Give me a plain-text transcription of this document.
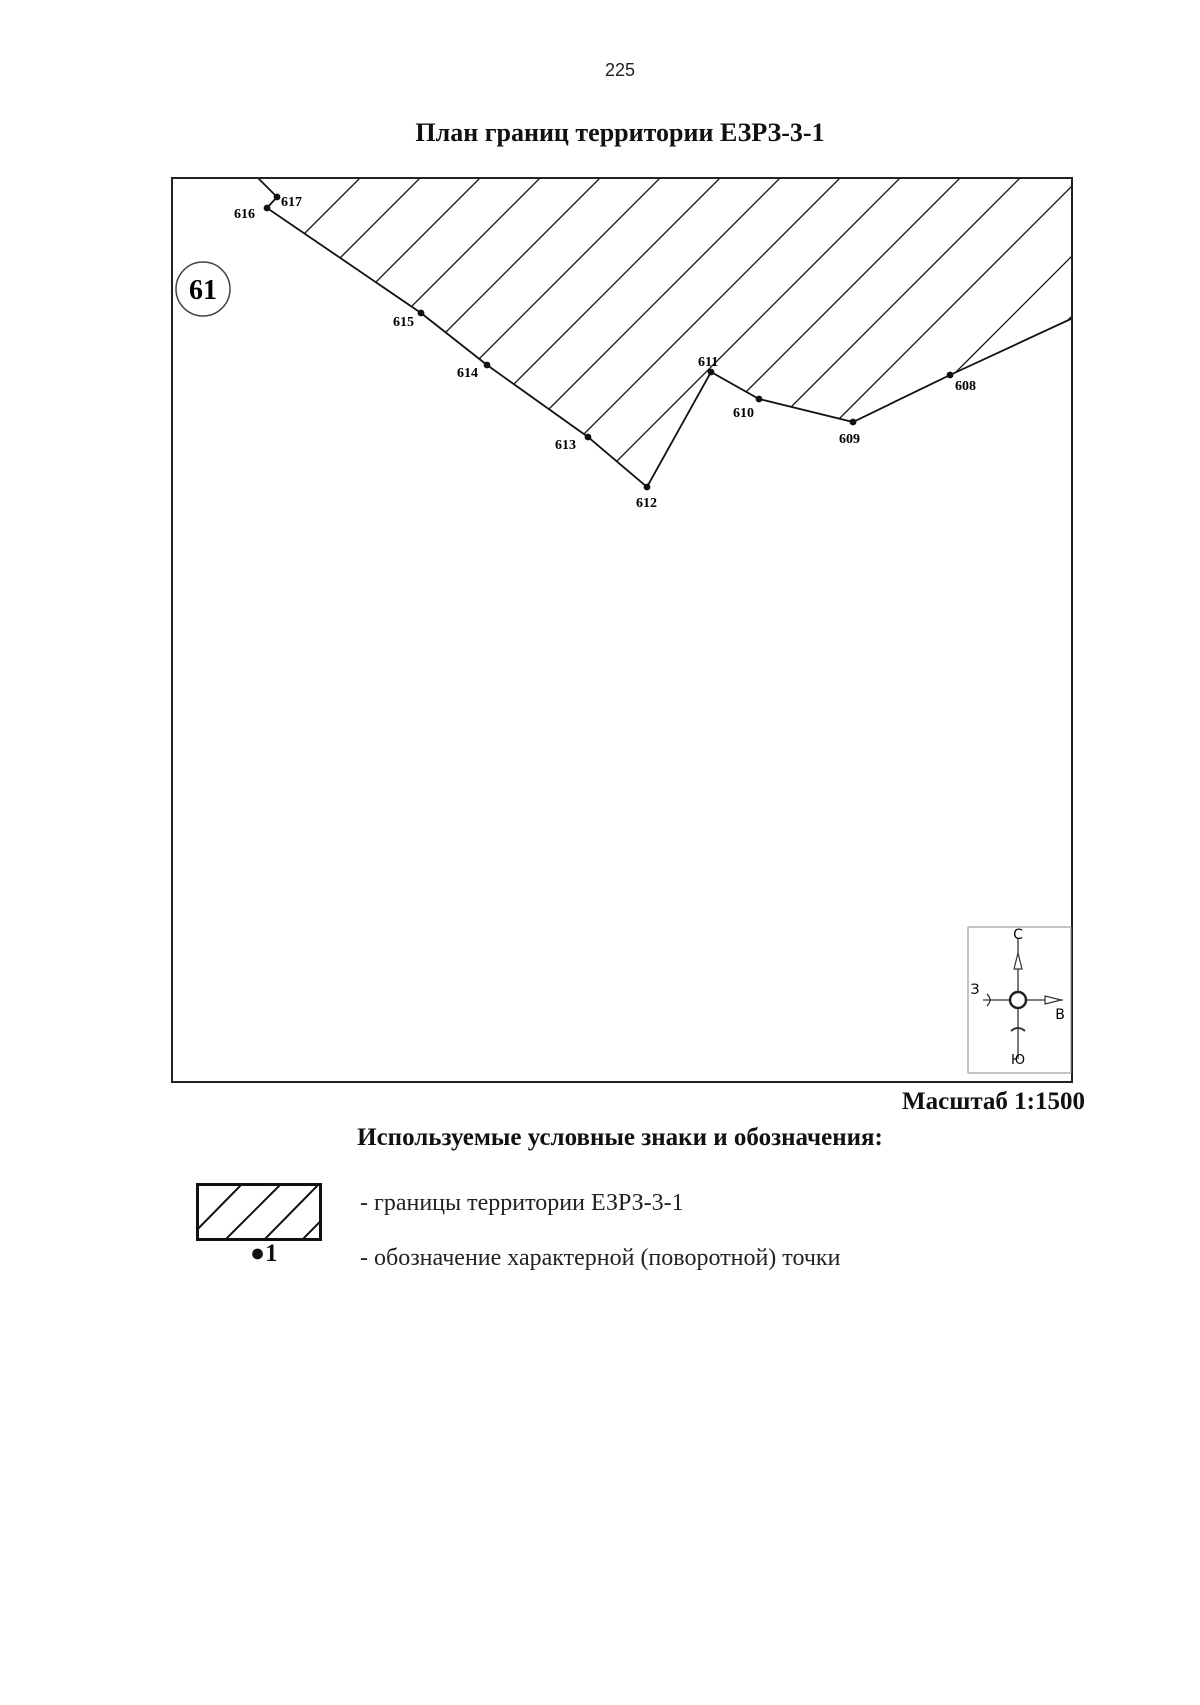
225
План границ территории ЕЗРЗ-3-1
61
608
609
610
611
612
613
614
615
616
617
С
Ю
З
В
Масштаб 1:1500
Используемые условные знаки и обозначения:
●1
- границы территории ЕЗРЗ-3-1
- обозначение характерной (поворотной) точки
